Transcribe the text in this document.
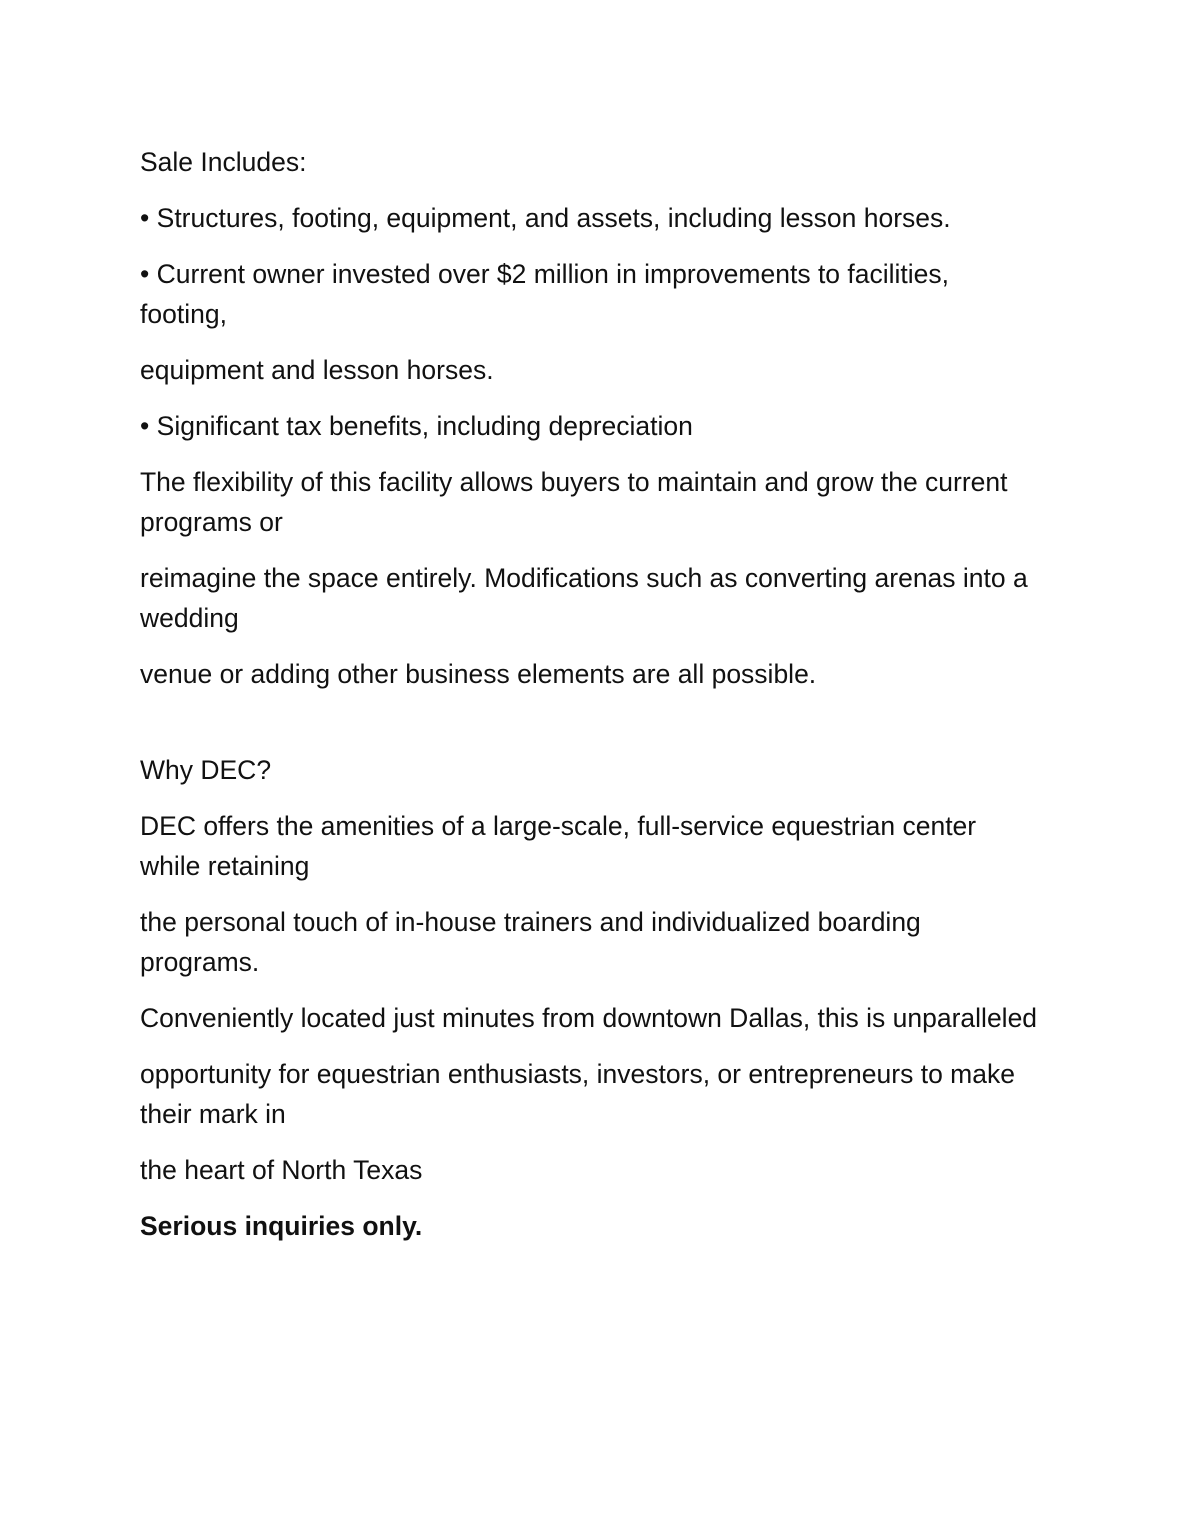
Sale Includes:

• Structures, footing, equipment, and assets, including lesson horses.

• Current owner invested over $2 million in improvements to facilities, footing,

equipment and lesson horses.

• Significant tax benefits, including depreciation

The flexibility of this facility allows buyers to maintain and grow the current programs or

reimagine the space entirely. Modifications such as converting arenas into a wedding

venue or adding other business elements are all possible.

Why DEC?

DEC offers the amenities of a large-scale, full-service equestrian center while retaining

the personal touch of in-house trainers and individualized boarding programs.

Conveniently located just minutes from downtown Dallas, this is unparalleled

opportunity for equestrian enthusiasts, investors, or entrepreneurs to make their mark in

the heart of North Texas

Serious inquiries only.
